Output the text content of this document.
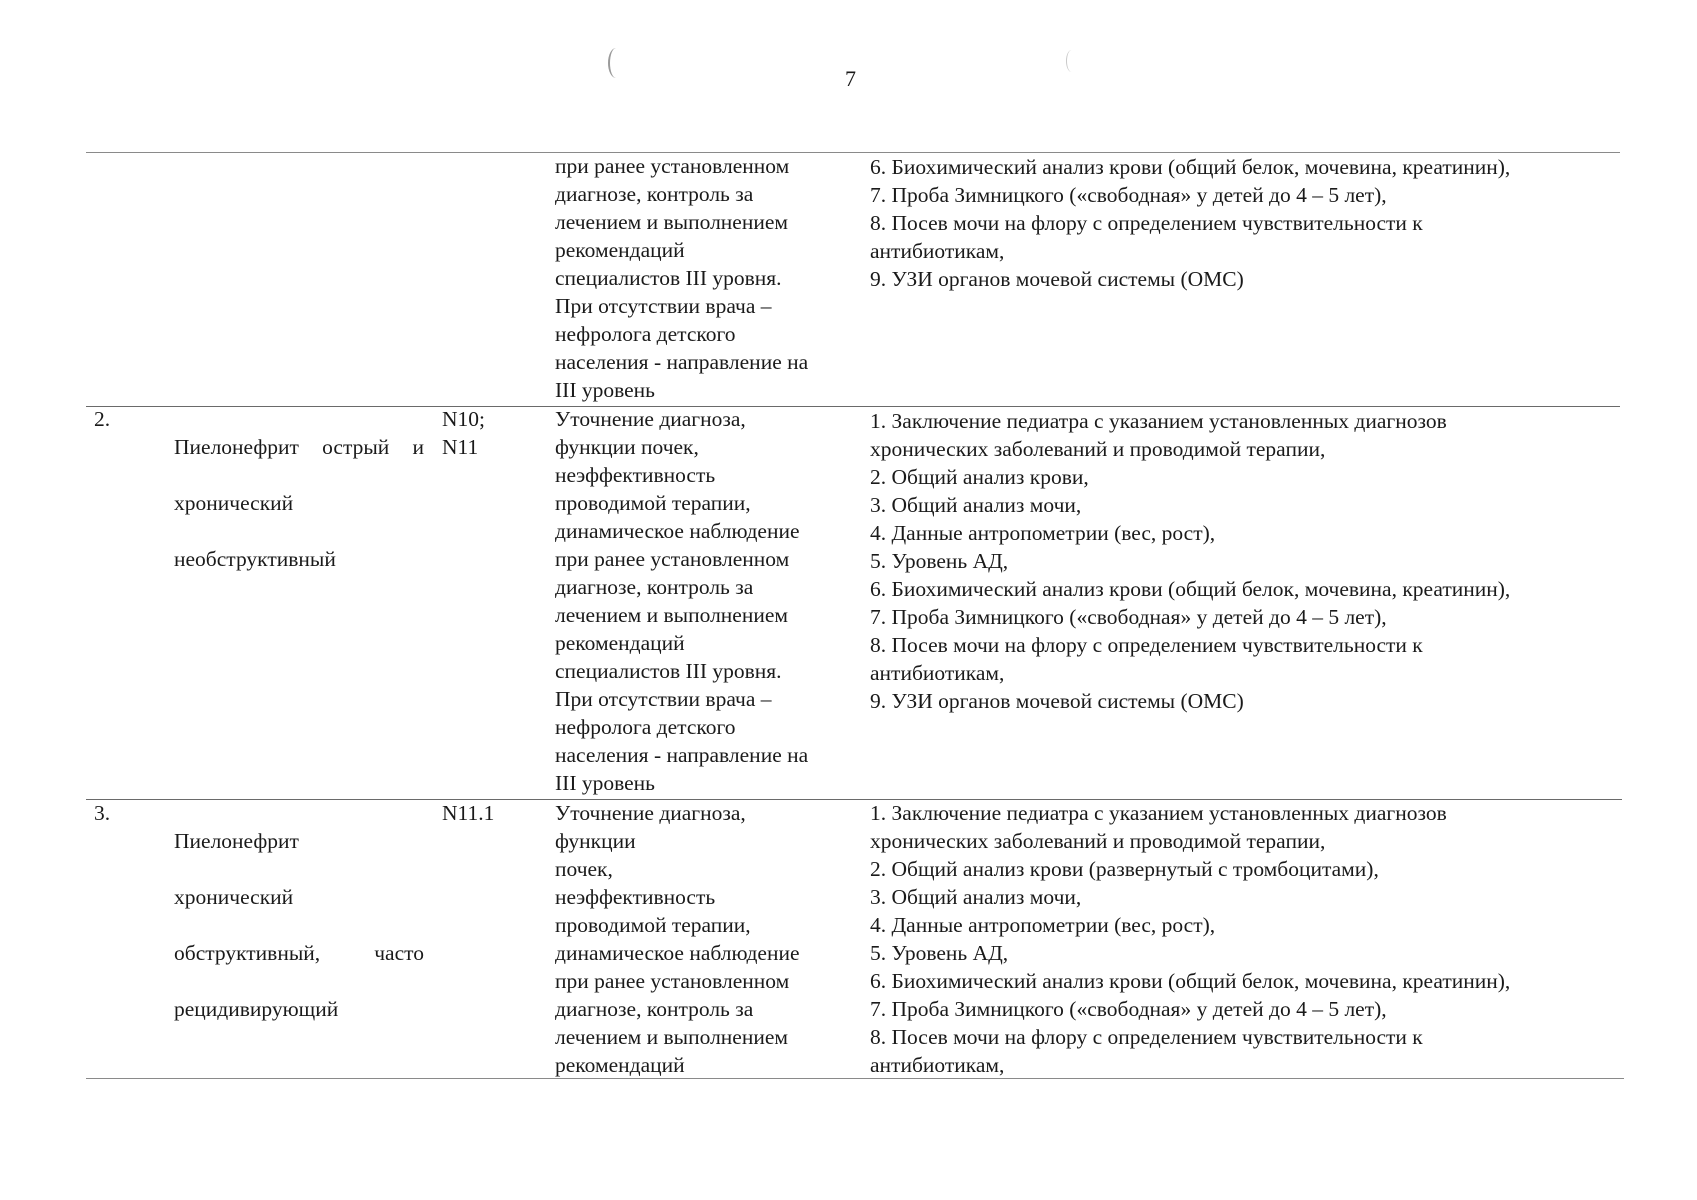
7

при ранее установленном
диагнозе, контроль за
лечением и выполнением
рекомендаций
специалистов III уровня.
При отсутствии врача –
нефролога детского
населения - направление на
III уровень

6. Биохимический анализ крови (общий белок, мочевина, креатинин),
7. Проба Зимницкого («свободная» у детей до 4 – 5 лет),
8. Посев мочи на флору с определением чувствительности к
антибиотикам,
9. УЗИ органов мочевой системы (ОМС)

2.

Пиелонефрит острый и

хронический

необструктивный

N10;
N11

Уточнение диагноза,
функции почек,
неэффективность
проводимой терапии,
динамическое наблюдение
при ранее установленном
диагнозе, контроль за
лечением и выполнением
рекомендаций
специалистов III уровня.
При отсутствии врача –
нефролога детского
населения - направление на
III уровень

1. Заключение педиатра с указанием установленных диагнозов
хронических заболеваний и проводимой терапии,
2. Общий анализ крови,
3. Общий анализ мочи,
4. Данные антропометрии (вес, рост),
5. Уровень АД,
6. Биохимический анализ крови (общий белок, мочевина, креатинин),
7. Проба Зимницкого («свободная» у детей до 4 – 5 лет),
8. Посев мочи на флору с определением чувствительности к
антибиотикам,
9. УЗИ органов мочевой системы (ОМС)

3.

Пиелонефрит

хронический

обструктивный,	часто

рецидивирующий

N11.1	Уточнение диагноза,
функции
почек,
неэффективность
проводимой терапии,
динамическое наблюдение
при ранее установленном
диагнозе, контроль за
лечением и выполнением
рекомендаций

1. Заключение педиатра с указанием установленных диагнозов
хронических заболеваний и проводимой терапии,
2. Общий анализ крови (развернутый с тромбоцитами),
3. Общий анализ мочи,
4. Данные антропометрии (вес, рост),
5. Уровень АД,
6. Биохимический анализ крови (общий белок, мочевина, креатинин),
7. Проба Зимницкого («свободная» у детей до 4 – 5 лет),
8. Посев мочи на флору с определением чувствительности к
антибиотикам,
